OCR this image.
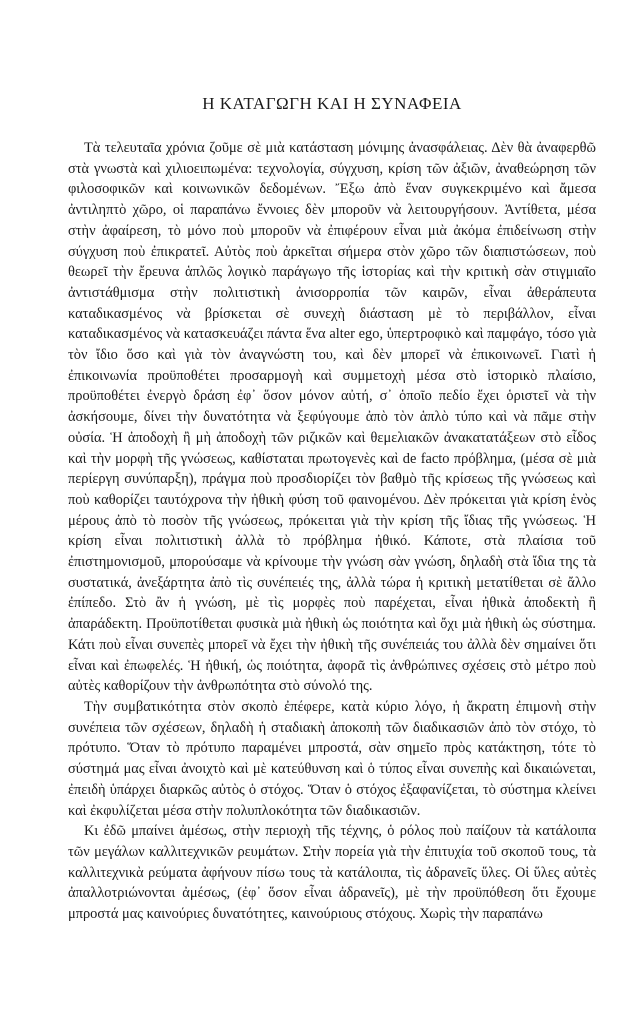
Η ΚΑΤΑΓΩΓΗ ΚΑΙ Η ΣΥΝΑΦΕΙΑ

Τὰ τελευταῖα χρόνια ζοῦμε σὲ μιὰ κατάσταση μόνιμης ἀνασφάλειας. Δὲν θὰ ἀναφερθῶ στὰ γνωστὰ καὶ χιλιοειπωμένα: τεχνολογία, σύγχυση, κρίση τῶν ἀξιῶν, ἀναθεώρηση τῶν φιλοσοφικῶν καὶ κοινωνικῶν δεδομένων. Ἔξω ἀπὸ ἕναν συγκεκριμένο καὶ ἄμεσα ἀντιληπτὸ χῶρο, οἱ παραπάνω ἔννοιες δὲν μποροῦν νὰ λειτουργήσουν. Ἀντίθετα, μέσα στὴν ἀφαίρεση, τὸ μόνο ποὺ μποροῦν νὰ ἐπιφέρουν εἶναι μιὰ ἀκόμα ἐπιδείνωση στὴν σύγχυση ποὺ ἐπικρατεῖ. Αὐτὸς ποὺ ἀρκεῖται σήμερα στὸν χῶρο τῶν διαπιστώσεων, ποὺ θεωρεῖ τὴν ἔρευνα ἁπλῶς λογικὸ παράγωγο τῆς ἱστορίας καὶ τὴν κριτικὴ σὰν στιγμιαῖο ἀντιστάθμισμα στὴν πολιτιστικὴ ἀνισορροπία τῶν καιρῶν, εἶναι ἀθεράπευτα καταδικασμένος νὰ βρίσκεται σὲ συνεχὴ διάσταση μὲ τὸ περιβάλλον, εἶναι καταδικασμένος νὰ κατασκευάζει πάντα ἕνα alter ego, ὑπερτροφικὸ καὶ παμφάγο, τόσο γιὰ τὸν ἴδιο ὅσο καὶ γιὰ τὸν ἀναγνώστη του, καὶ δὲν μπορεῖ νὰ ἐπικοινωνεῖ. Γιατὶ ἡ ἐπικοινωνία προϋποθέτει προσαρμογὴ καὶ συμμετοχὴ μέσα στὸ ἱστορικὸ πλαίσιο, προϋποθέτει ἐνεργὸ δράση ἐφ᾿ ὅσον μόνον αὐτή, σ᾿ ὁποῖο πεδίο ἔχει ὁριστεῖ νὰ τὴν ἀσκήσουμε, δίνει τὴν δυνατότητα νὰ ξεφύγουμε ἀπὸ τὸν ἁπλὸ τύπο καὶ νὰ πᾶμε στὴν οὐσία. Ἡ ἀποδοχὴ ἢ μὴ ἀποδοχὴ τῶν ριζικῶν καὶ θεμελιακῶν ἀνακατατάξεων στὸ εἶδος καὶ τὴν μορφὴ τῆς γνώσεως, καθίσταται πρωτογενὲς καὶ de facto πρόβλημα, (μέσα σὲ μιὰ περίεργη συνύπαρξη), πράγμα ποὺ προσδιορίζει τὸν βαθμὸ τῆς κρίσεως τῆς γνώσεως καὶ ποὺ καθορίζει ταυτόχρονα τὴν ἠθικὴ φύση τοῦ φαινομένου. Δὲν πρόκειται γιὰ κρίση ἑνὸς μέρους ἀπὸ τὸ ποσὸν τῆς γνώσεως, πρόκειται γιὰ τὴν κρίση τῆς ἴδιας τῆς γνώσεως. Ἡ κρίση εἶναι πολιτιστικὴ ἀλλὰ τὸ πρόβλημα ἠθικό. Κάποτε, στὰ πλαίσια τοῦ ἐπιστημονισμοῦ, μπορούσαμε νὰ κρίνουμε τὴν γνώση σὰν γνώση, δηλαδὴ στὰ ἴδια της τὰ συστατικά, ἀνεξάρτητα ἀπὸ τὶς συνέπειές της, ἀλλὰ τώρα ἡ κριτικὴ μετατίθεται σὲ ἄλλο ἐπίπεδο. Στὸ ἂν ἡ γνώση, μὲ τὶς μορφὲς ποὺ παρέχεται, εἶναι ἠθικὰ ἀποδεκτὴ ἢ ἀπαράδεκτη. Προϋποτίθεται φυσικὰ μιὰ ἠθικὴ ὡς ποιότητα καὶ ὄχι μιὰ ἠθικὴ ὡς σύστημα. Κάτι ποὺ εἶναι συνεπὲς μπορεῖ νὰ ἔχει τὴν ἠθικὴ τῆς συνέπειάς του ἀλλὰ δὲν σημαίνει ὅτι εἶναι καὶ ἐπωφελές. Ἡ ἠθική, ὡς ποιότητα, ἀφορᾶ τὶς ἀνθρώπινες σχέσεις στὸ μέτρο ποὺ αὐτὲς καθορίζουν τὴν ἀνθρωπότητα στὸ σύνολό της.

Τὴν συμβατικότητα στὸν σκοπὸ ἐπέφερε, κατὰ κύριο λόγο, ἡ ἄκρατη ἐπιμονὴ στὴν συνέπεια τῶν σχέσεων, δηλαδὴ ἡ σταδιακὴ ἀποκοπὴ τῶν διαδικασιῶν ἀπὸ τὸν στόχο, τὸ πρότυπο. Ὅταν τὸ πρότυπο παραμένει μπροστά, σὰν σημεῖο πρὸς κατάκτηση, τότε τὸ σύστημά μας εἶναι ἀνοιχτὸ καὶ μὲ κατεύθυνση καὶ ὁ τύπος εἶναι συνεπὴς καὶ δικαιώνεται, ἐπειδὴ ὑπάρχει διαρκῶς αὐτὸς ὁ στόχος. Ὅταν ὁ στόχος ἐξαφανίζεται, τὸ σύστημα κλείνει καὶ ἐκφυλίζεται μέσα στὴν πολυπλοκότητα τῶν διαδικασιῶν.

Κι ἐδῶ μπαίνει ἀμέσως, στὴν περιοχὴ τῆς τέχνης, ὁ ρόλος ποὺ παίζουν τὰ κατάλοιπα τῶν μεγάλων καλλιτεχνικῶν ρευμάτων. Στὴν πορεία γιὰ τὴν ἐπιτυχία τοῦ σκοποῦ τους, τὰ καλλιτεχνικὰ ρεύματα ἀφήνουν πίσω τους τὰ κατάλοιπα, τὶς ἀδρανεῖς ὕλες. Οἱ ὕλες αὐτὲς ἀπαλλοτριώνονται ἀμέσως, (ἐφ᾿ ὅσον εἶναι ἀδρανεῖς), μὲ τὴν προϋπόθεση ὅτι ἔχουμε μπροστά μας καινούριες δυνατότητες, καινούριους στόχους. Χωρὶς τὴν παραπάνω
